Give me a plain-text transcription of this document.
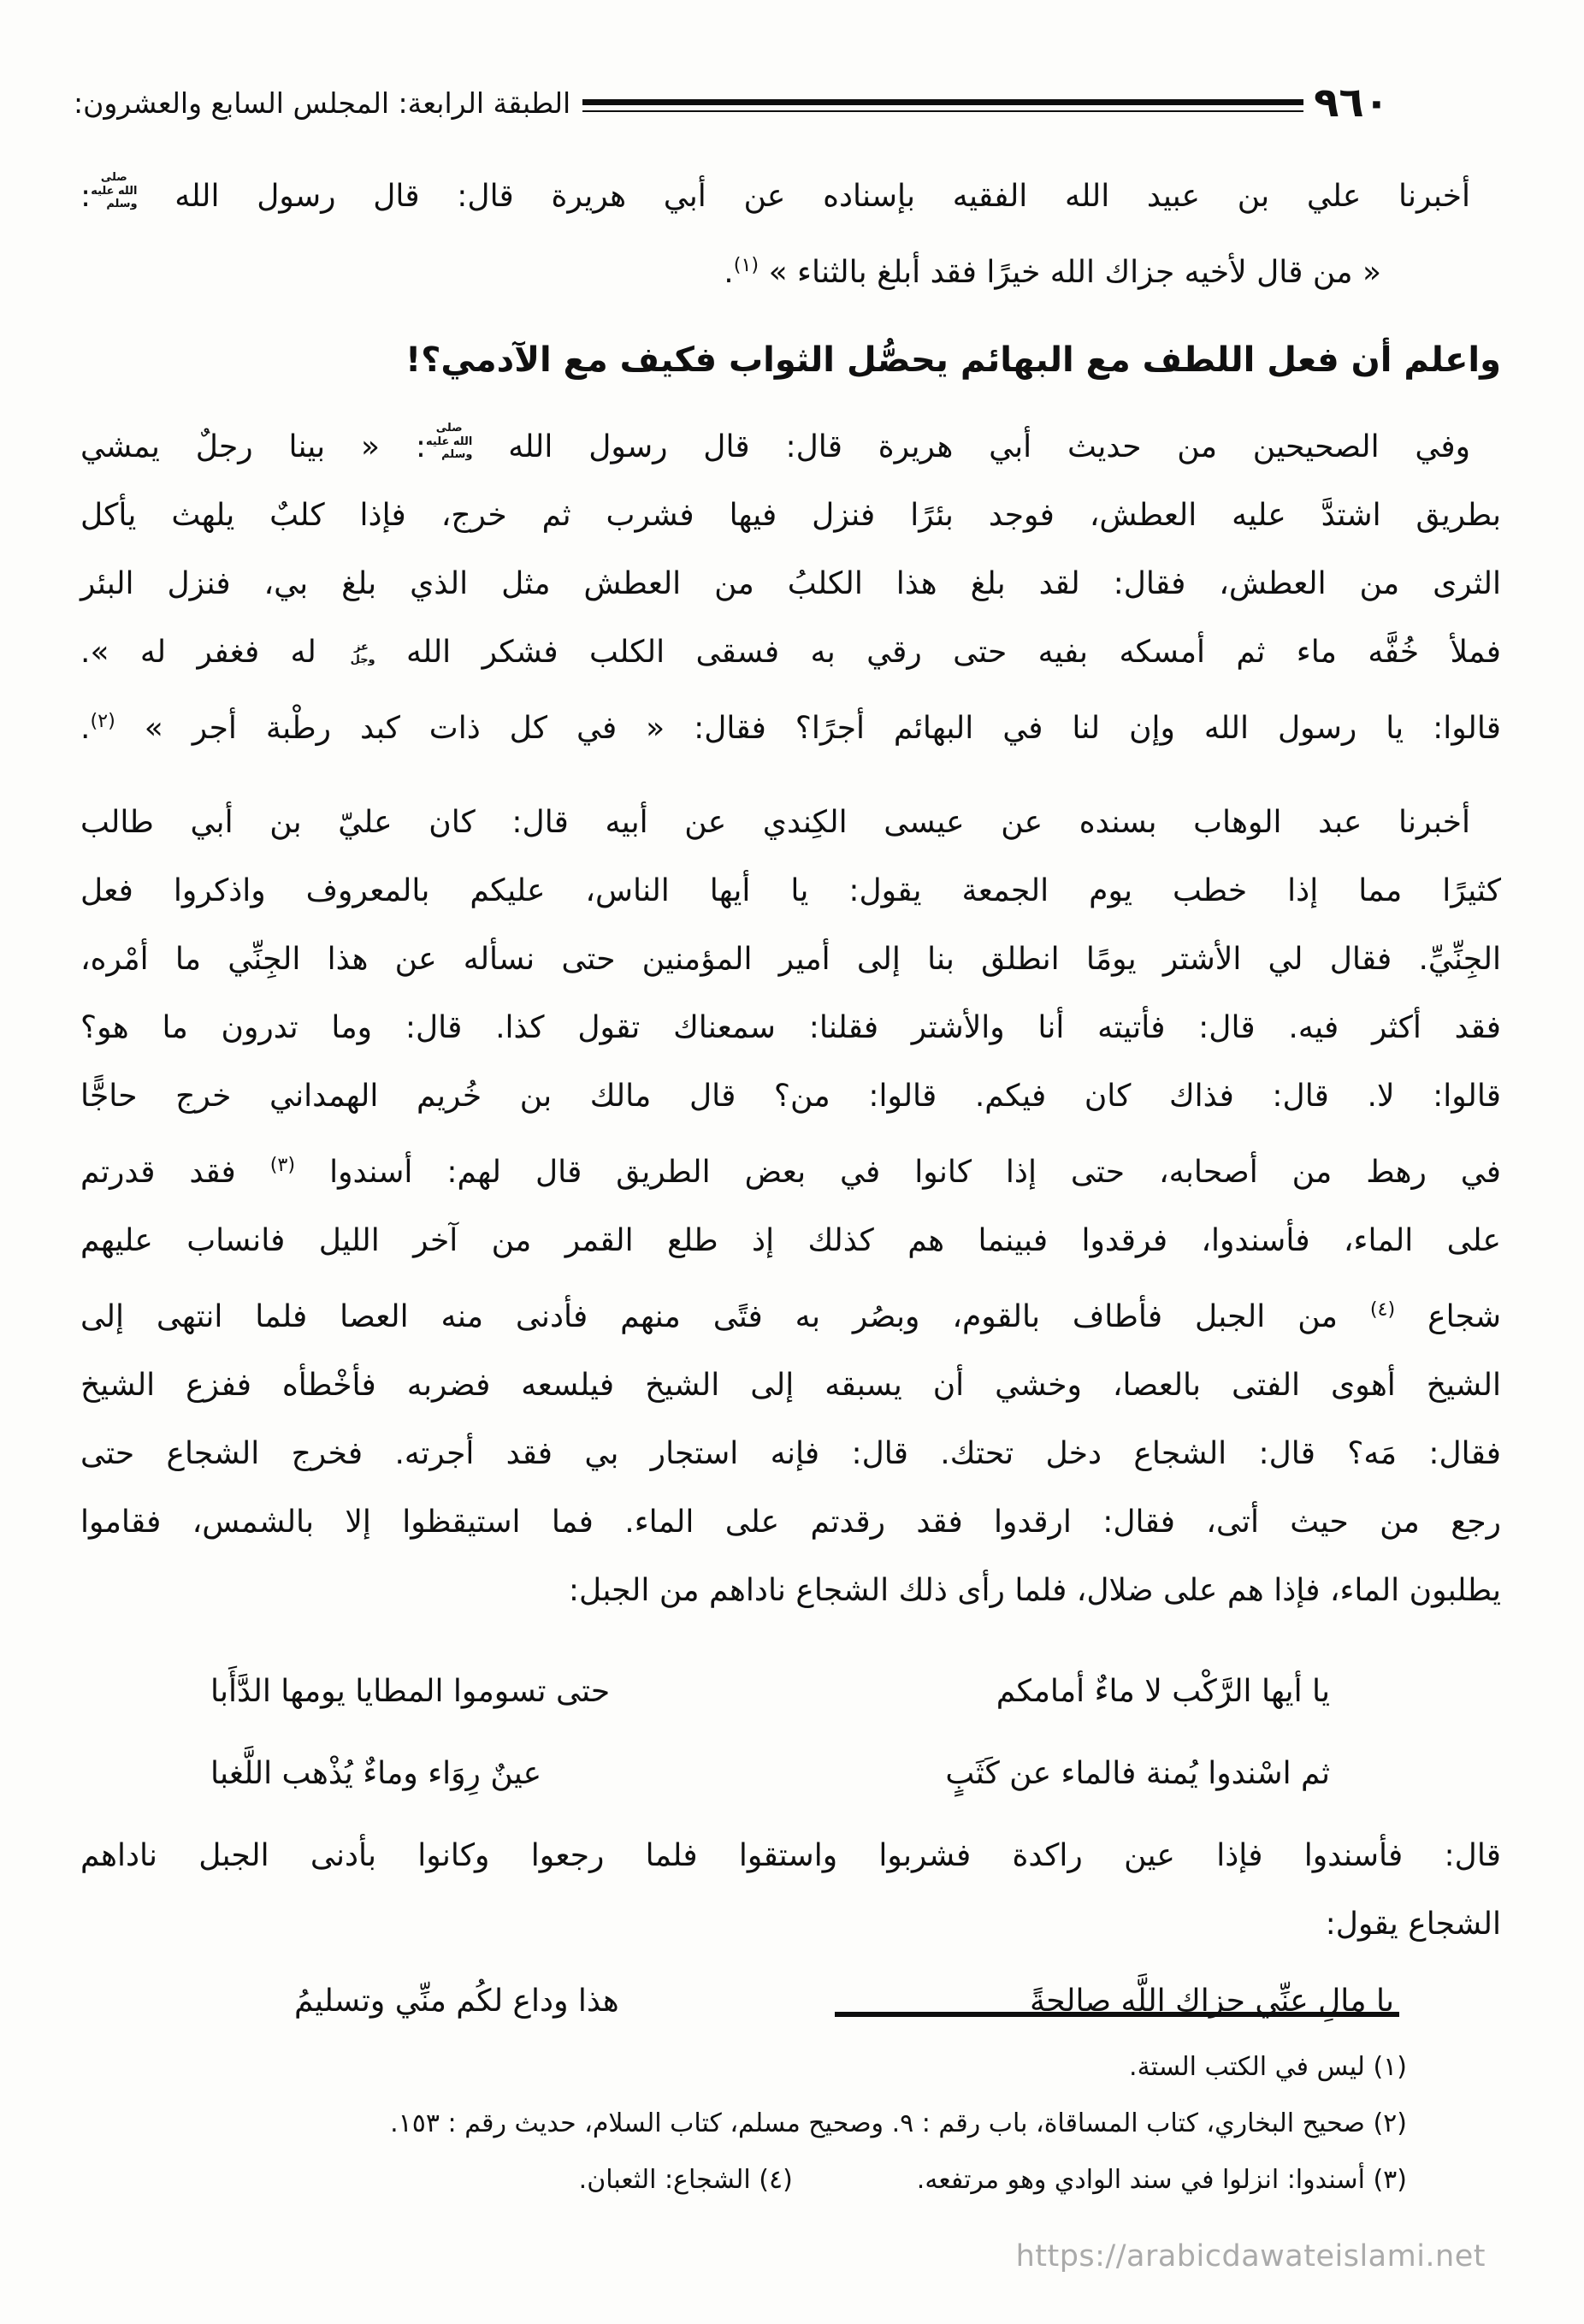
٩٦٠
الطبقة الرابعة: المجلس السابع والعشرون:
أخبرنا علي بن عبيد الله الفقيه بإسناده عن أبي هريرة قال: قال رسول الله صلى الله عليه وسلم:
« من قال لأخيه جزاك الله خيرًا فقد أبلغ بالثناء » $^{(١)}$.
واعلم أن فعل اللطف مع البهائم يحصُّل الثواب فكيف مع الآدمي؟!
وفي الصحيحين من حديث أبي هريرة قال: قال رسول الله صلى الله عليه وسلم: « بينا رجلٌ يمشي
بطريق اشتدَّ عليه العطش، فوجد بئرًا فنزل فيها فشرب ثم خرج، فإذا كلبٌ يلهث يأكل
الثرى من العطش، فقال: لقد بلغ هذا الكلبُ من العطش مثل الذي بلغ بي، فنزل البئر
فملأ خُفَّه ماء ثم أمسكه بفيه حتى رقي به فسقى الكلب فشكر الله عز وجل له فغفر له ».
قالوا: يا رسول الله وإن لنا في البهائم أجرًا؟ فقال: « في كل ذات كبد رطْبة أجر » $^{(٢)}$.
أخبرنا عبد الوهاب بسنده عن عيسى الكِندي عن أبيه قال: كان عليّ بن أبي طالب
كثيرًا مما إذا خطب يوم الجمعة يقول: يا أيها الناس، عليكم بالمعروف واذكروا فعل
الجِنِّيِّ. فقال لي الأشتر يومًا انطلق بنا إلى أمير المؤمنين حتى نسأله عن هذا الجِنِّي ما أمْره،
فقد أكثر فيه. قال: فأتيته أنا والأشتر فقلنا: سمعناك تقول كذا. قال: وما تدرون ما هو؟
قالوا: لا. قال: فذاك كان فيكم. قالوا: من؟ قال مالك بن خُريم الهمداني خرج حاجًّا
في رهط من أصحابه، حتى إذا كانوا في بعض الطريق قال لهم: أسندوا $^{(٣)}$ فقد قدرتم
على الماء، فأسندوا، فرقدوا فبينما هم كذلك إذ طلع القمر من آخر الليل فانساب عليهم
شجاع $^{(٤)}$ من الجبل فأطاف بالقوم، وبصُر به فتًى منهم فأدنى منه العصا فلما انتهى إلى
الشيخ أهوى الفتى بالعصا، وخشي أن يسبقه إلى الشيخ فيلسعه فضربه فأخْطأه ففزع الشيخ
فقال: مَه؟ قال: الشجاع دخل تحتك. قال: فإنه استجار بي فقد أجرته. فخرج الشجاع حتى
رجع من حيث أتى، فقال: ارقدوا فقد رقدتم على الماء. فما استيقظوا إلا بالشمس، فقاموا
يطلبون الماء، فإذا هم على ضلال، فلما رأى ذلك الشجاع ناداهم من الجبل:
يا أيها الرَّكْب لا ماءٌ أمامكم
حتى تسوموا المطايا يومها الدَّأَبا
ثم اسْندوا يُمنة فالماء عن كَثَبٍ
عينٌ رِوَاء وماءٌ يُذْهب اللَّغبا
قال: فأسندوا فإذا عين راكدة فشربوا واستقوا فلما رجعوا وكانوا بأدنى الجبل ناداهم
الشجاع يقول:
يا مالِ عنِّي جزاك اللَّه صالحةً
هذا وداع لكُم منِّي وتسليمُ
(١) ليس في الكتب الستة.
(٢) صحيح البخاري، كتاب المساقاة، باب رقم : ٩. وصحيح مسلم، كتاب السلام، حديث رقم : ١٥٣.
(٣) أسندوا: انزلوا في سند الوادي وهو مرتفعه.
(٤) الشجاع: الثعبان.
https://arabicdawateislami.net
